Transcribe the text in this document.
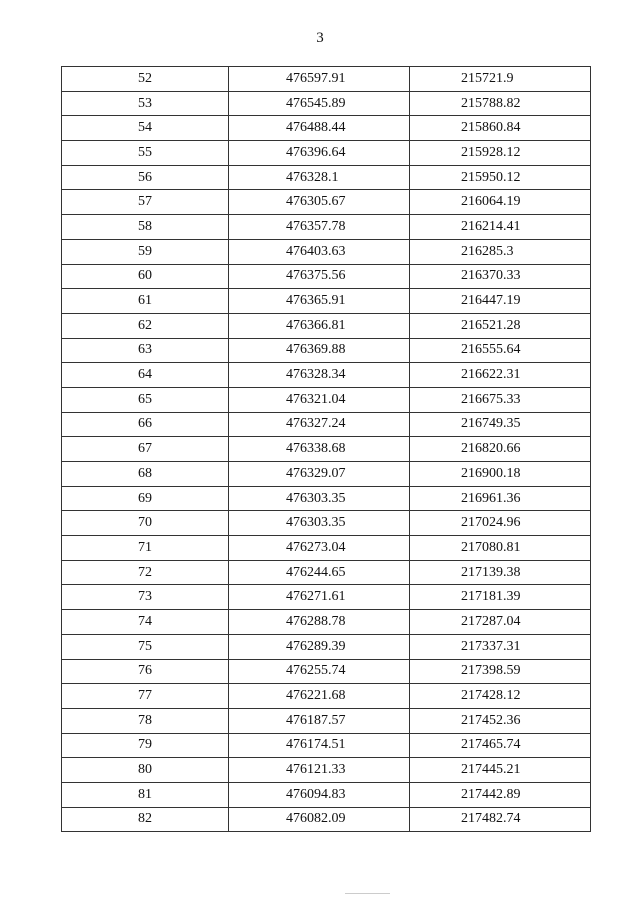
3
52	476597.91	215721.9
53	476545.89	215788.82
54	476488.44	215860.84
55	476396.64	215928.12
56	476328.1	215950.12
57	476305.67	216064.19
58	476357.78	216214.41
59	476403.63	216285.3
60	476375.56	216370.33
61	476365.91	216447.19
62	476366.81	216521.28
63	476369.88	216555.64
64	476328.34	216622.31
65	476321.04	216675.33
66	476327.24	216749.35
67	476338.68	216820.66
68	476329.07	216900.18
69	476303.35	216961.36
70	476303.35	217024.96
71	476273.04	217080.81
72	476244.65	217139.38
73	476271.61	217181.39
74	476288.78	217287.04
75	476289.39	217337.31
76	476255.74	217398.59
77	476221.68	217428.12
78	476187.57	217452.36
79	476174.51	217465.74
80	476121.33	217445.21
81	476094.83	217442.89
82	476082.09	217482.74
